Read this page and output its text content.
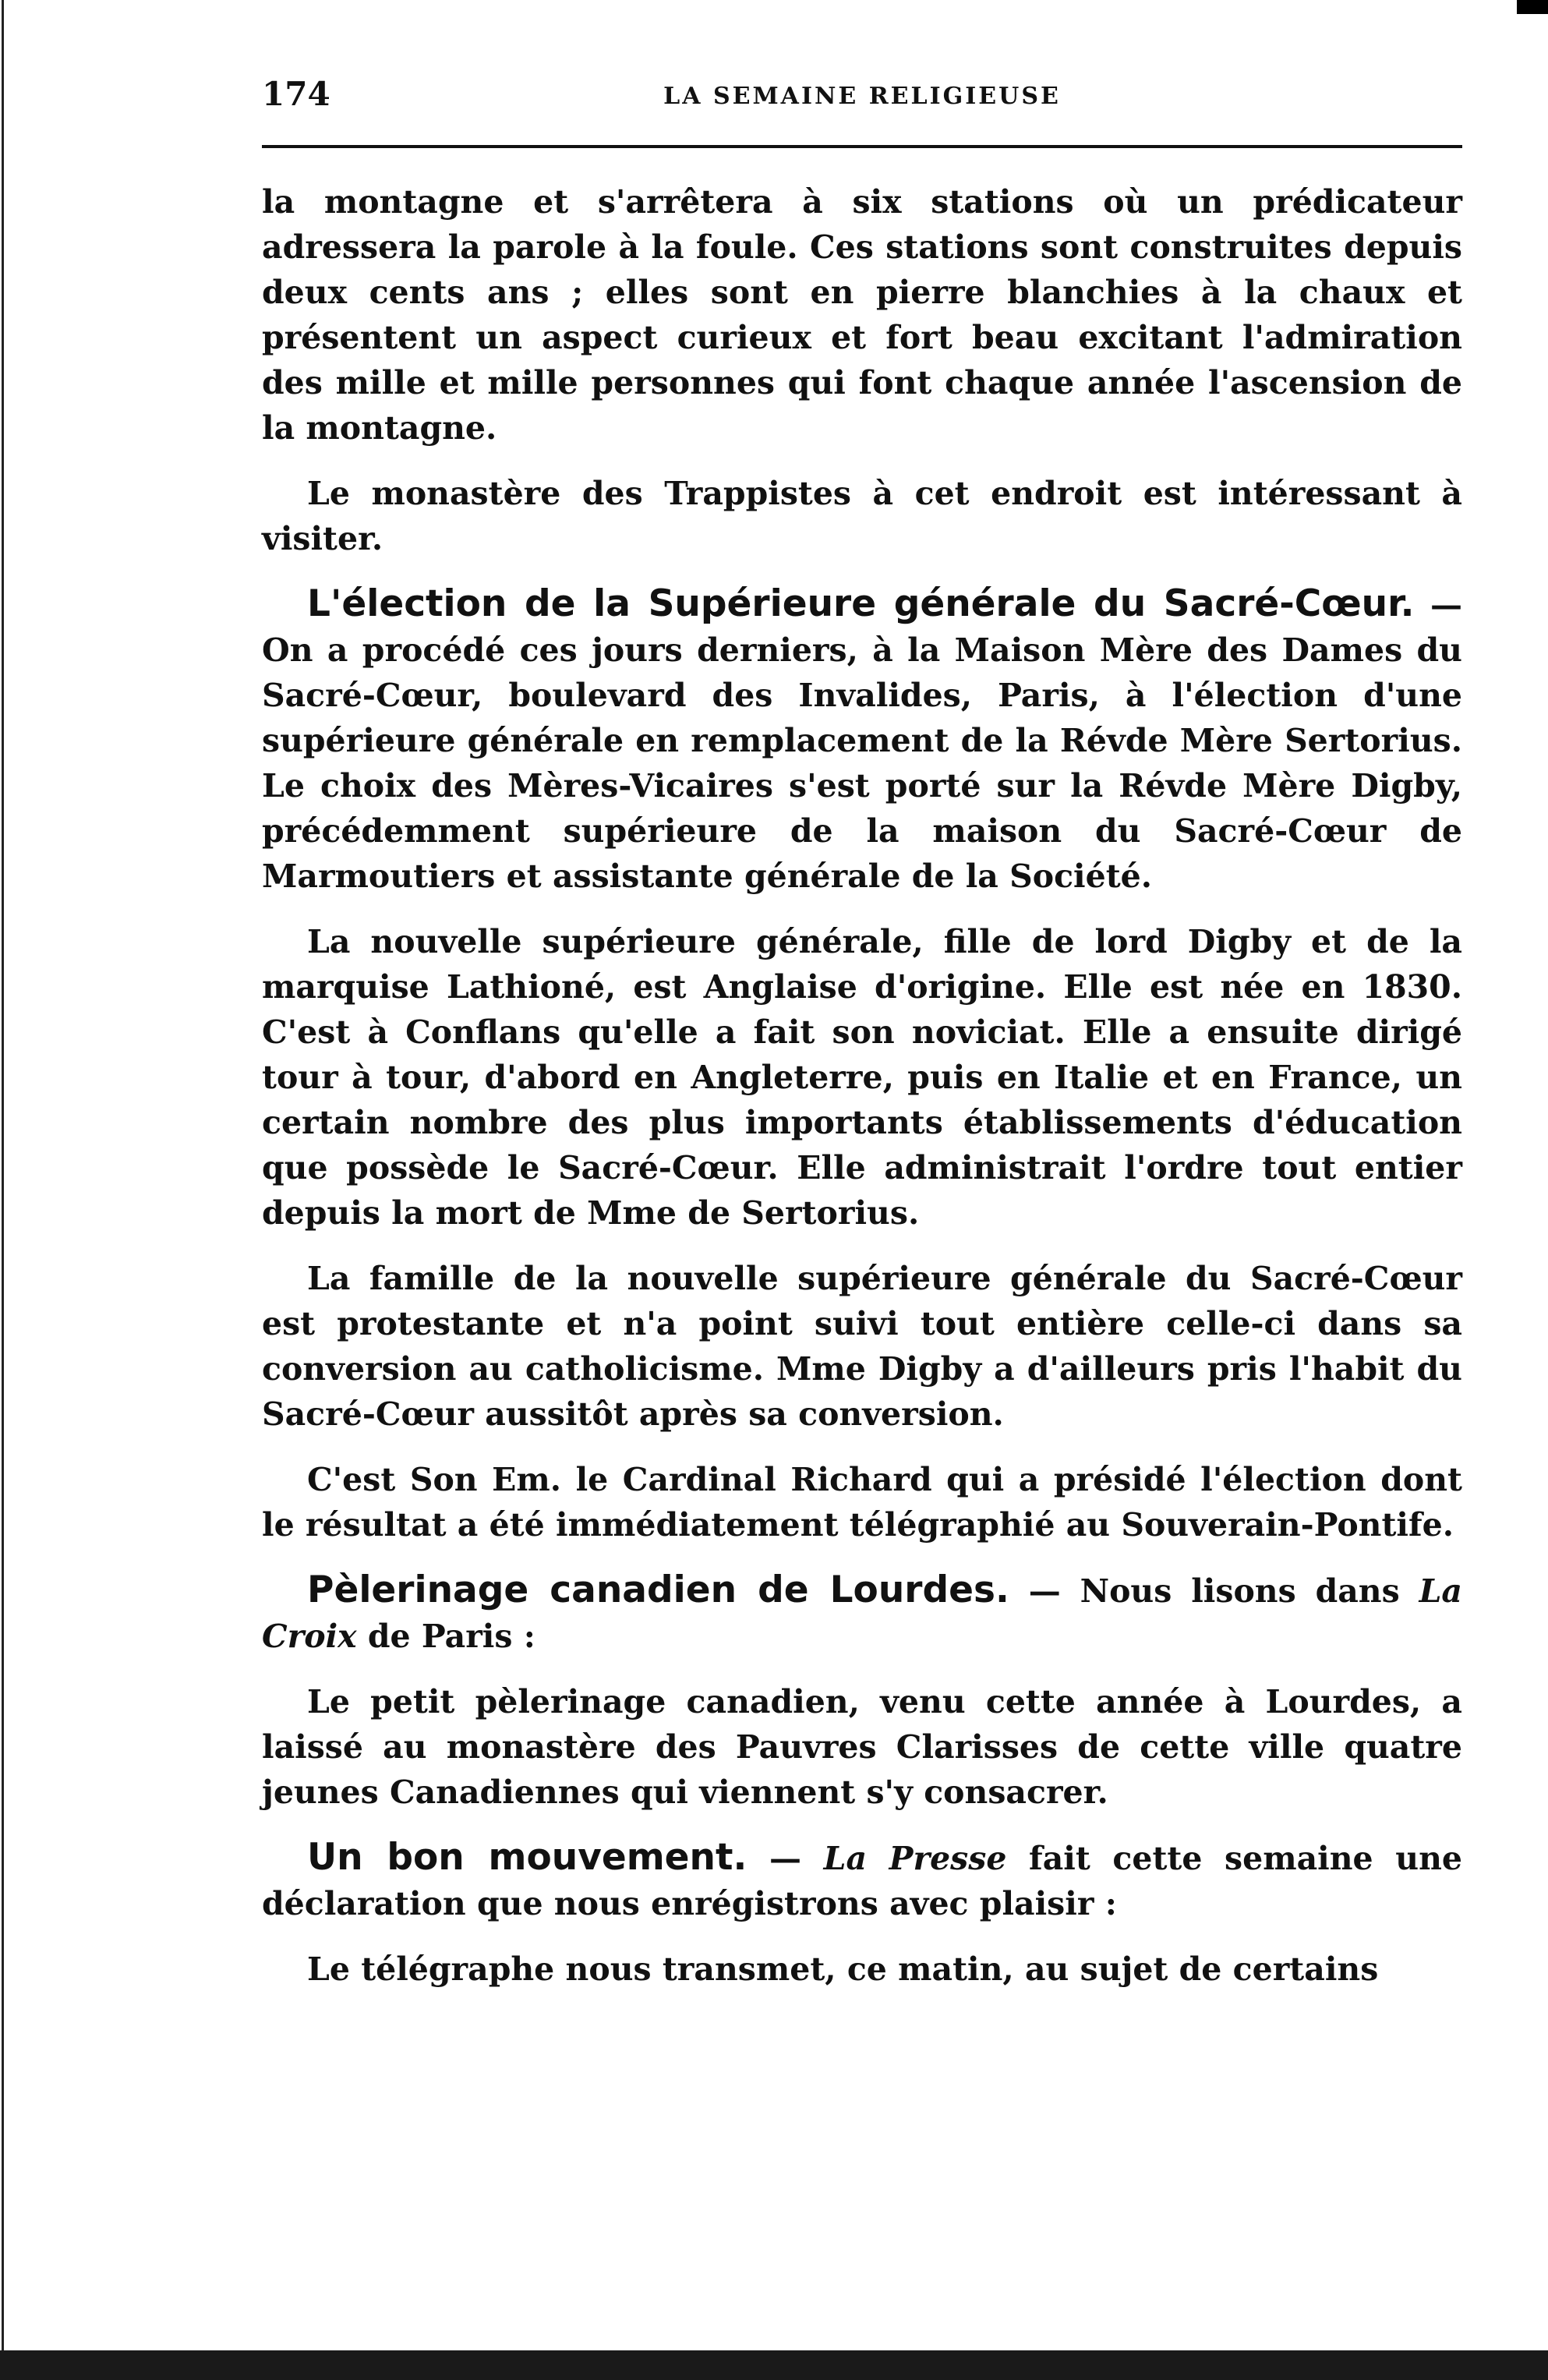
174	LA SEMAINE RELIGIEUSE

la montagne et s'arrêtera à six stations où un prédicateur adressera la parole à la foule. Ces stations sont construites depuis deux cents ans ; elles sont en pierre blanchies à la chaux et présentent un aspect curieux et fort beau excitant l'admiration des mille et mille personnes qui font chaque année l'ascension de la montagne.

Le monastère des Trappistes à cet endroit est intéressant à visiter.

L'élection de la Supérieure générale du Sacré-Cœur. — On a procédé ces jours derniers, à la Maison Mère des Dames du Sacré-Cœur, boulevard des Invalides, Paris, à l'élection d'une supérieure générale en remplacement de la Révde Mère Sertorius. Le choix des Mères-Vicaires s'est porté sur la Révde Mère Digby, précédemment supérieure de la maison du Sacré-Cœur de Marmoutiers et assistante générale de la Société.

La nouvelle supérieure générale, fille de lord Digby et de la marquise Lathioné, est Anglaise d'origine. Elle est née en 1830. C'est à Conflans qu'elle a fait son noviciat. Elle a ensuite dirigé tour à tour, d'abord en Angleterre, puis en Italie et en France, un certain nombre des plus importants établissements d'éducation que possède le Sacré-Cœur. Elle administrait l'ordre tout entier depuis la mort de Mme de Sertorius.

La famille de la nouvelle supérieure générale du Sacré-Cœur est protestante et n'a point suivi tout entière celle-ci dans sa conversion au catholicisme. Mme Digby a d'ailleurs pris l'habit du Sacré-Cœur aussitôt après sa conversion.

C'est Son Em. le Cardinal Richard qui a présidé l'élection dont le résultat a été immédiatement télégraphié au Souverain-Pontife.

Pèlerinage canadien de Lourdes. — Nous lisons dans La Croix de Paris :

Le petit pèlerinage canadien, venu cette année à Lourdes, a laissé au monastère des Pauvres Clarisses de cette ville quatre jeunes Canadiennes qui viennent s'y consacrer.

Un bon mouvement. — La Presse fait cette semaine une déclaration que nous enrégistrons avec plaisir :

Le télégraphe nous transmet, ce matin, au sujet de certains
